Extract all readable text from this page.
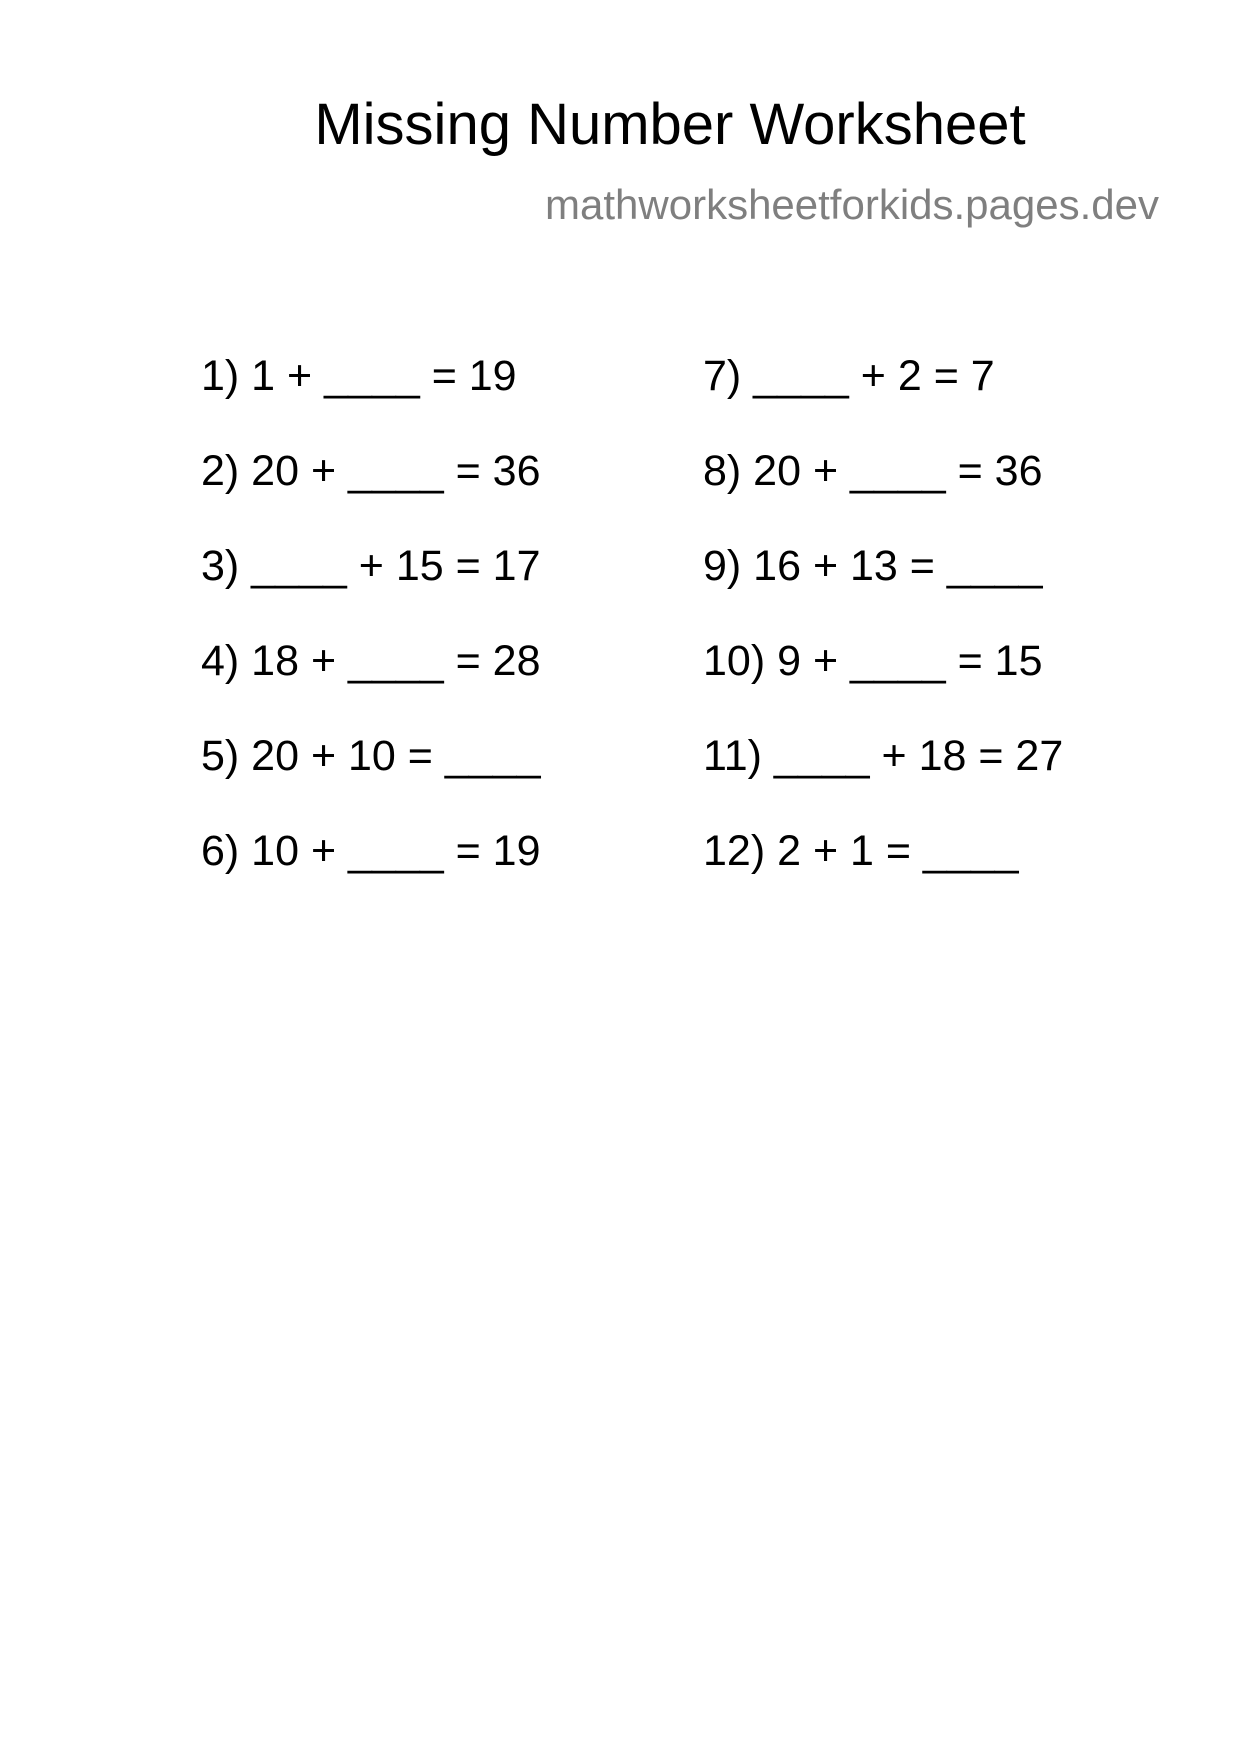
Missing Number Worksheet
mathworksheetforkids.pages.dev
1) 1 + ____ = 19
2) 20 + ____ = 36
3) ____ + 15 = 17
4) 18 + ____ = 28
5) 20 + 10 = ____
6) 10 + ____ = 19
7) ____ + 2 = 7
8) 20 + ____ = 36
9) 16 + 13 = ____
10) 9 + ____ = 15
11) ____ + 18 = 27
12) 2 + 1 = ____
